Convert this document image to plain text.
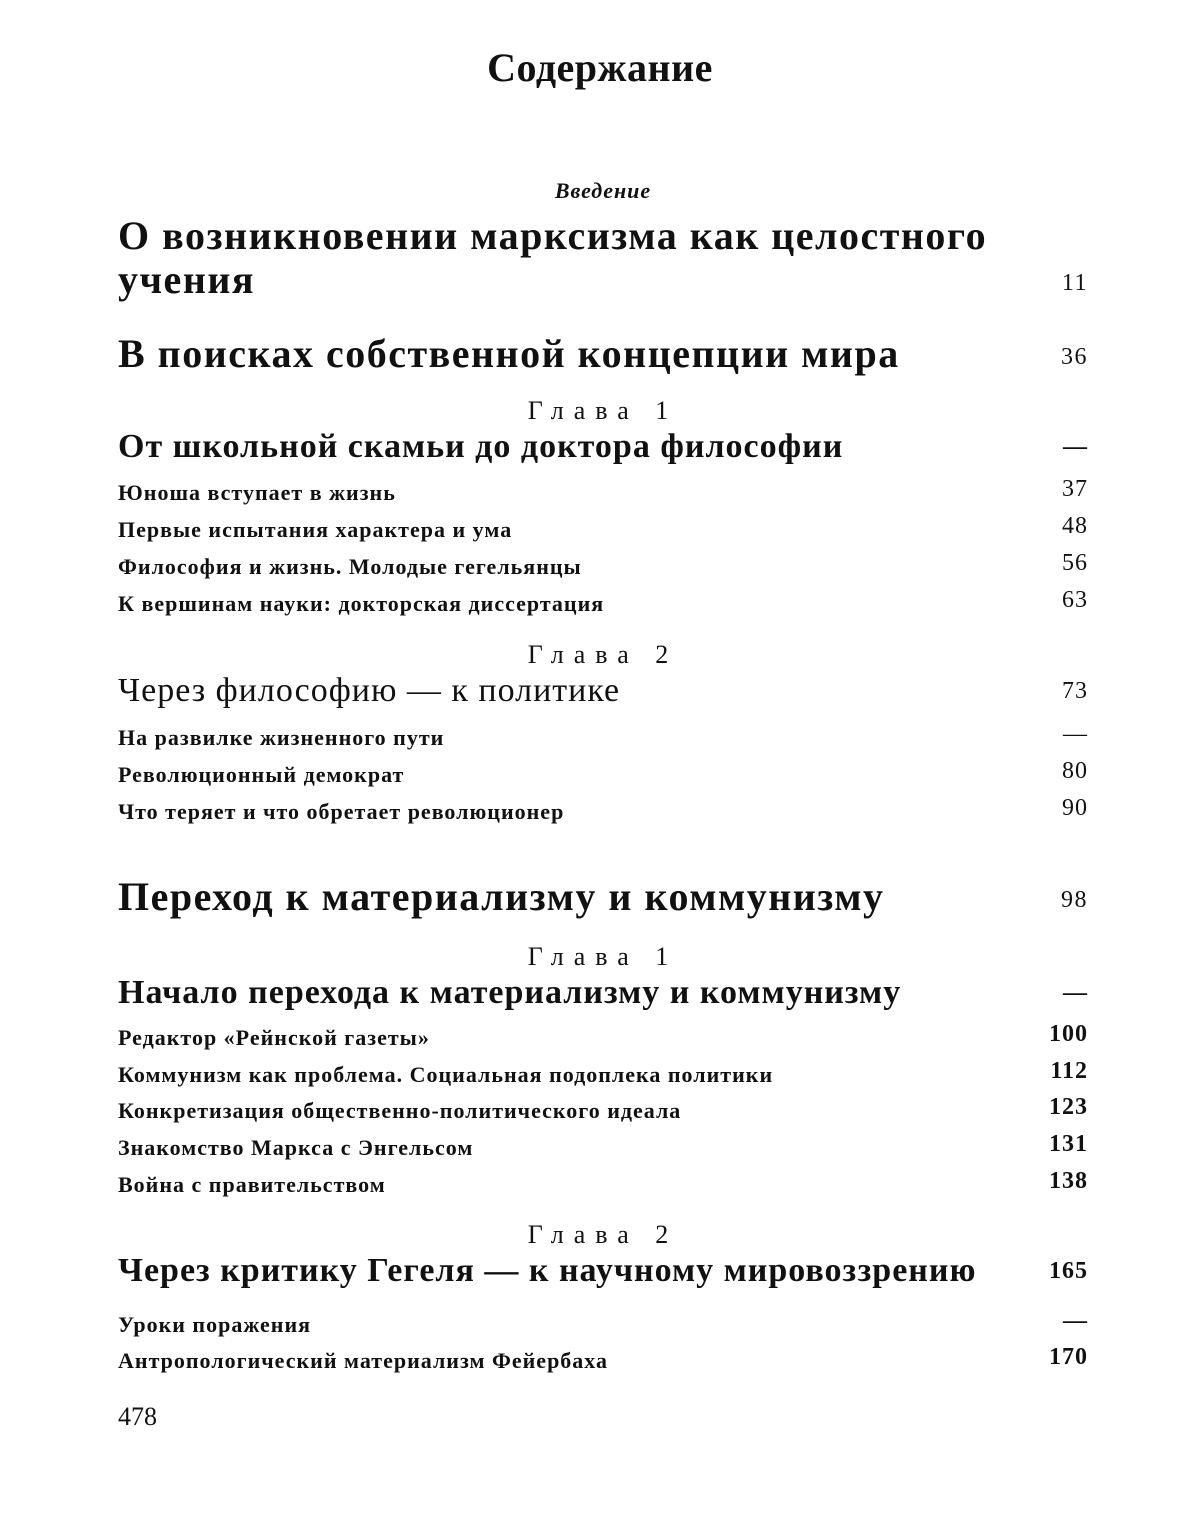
Содержание
Введение
О возникновении марксизма как целостного
учения	11
В поисках собственной концепции мира	36
Глава 1
От школьной скамьи до доктора философии	—
Юноша вступает в жизнь	37
Первые испытания характера и ума	48
Философия и жизнь. Молодые гегельянцы	56
К вершинам науки: докторская диссертация	63
Глава 2
Через философию — к политике	73
На развилке жизненного пути	—
Революционный демократ	80
Что теряет и что обретает революционер	90
Переход к материализму и коммунизму	98
Глава 1
Начало перехода к материализму и коммунизму	—
Редактор «Рейнской газеты»	100
Коммунизм как проблема. Социальная подоплека политики	112
Конкретизация общественно-политического идеала	123
Знакомство Маркса с Энгельсом	131
Война с правительством	138
Глава 2
Через критику Гегеля — к научному мировоззрению	165
Уроки поражения	—
Антропологический материализм Фейербаха	170
478
